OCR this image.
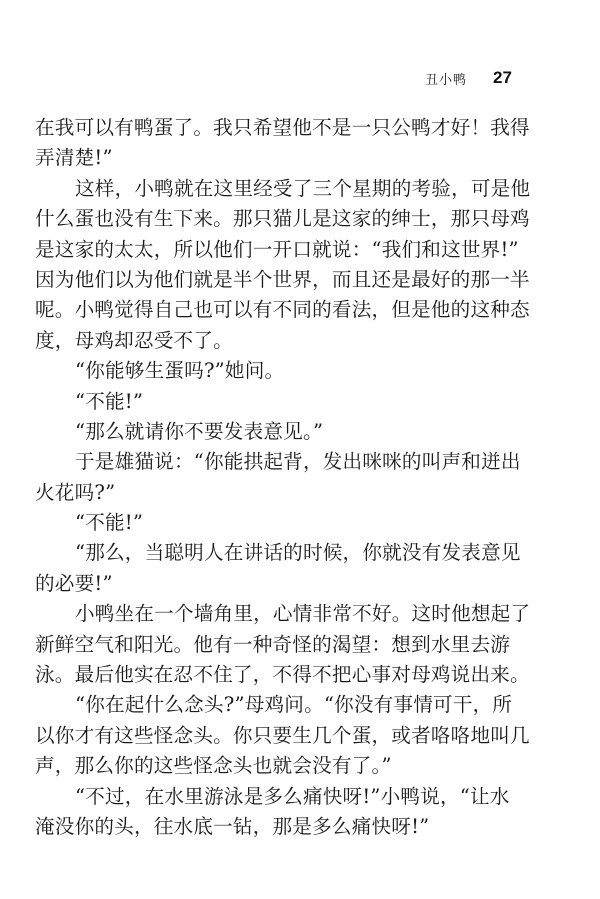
丑小鸭 27
在我可以有鸭蛋了。我只希望他不是一只公鸭才好！我得
弄清楚!”
这样，小鸭就在这里经受了三个星期的考验，可是他
什么蛋也没有生下来。那只猫儿是这家的绅士，那只母鸡
是这家的太太，所以他们一开口就说：“我们和这世界!”
因为他们以为他们就是半个世界，而且还是最好的那一半
呢。小鸭觉得自己也可以有不同的看法，但是他的这种态
度，母鸡却忍受不了。
“你能够生蛋吗?”她问。
“不能!”
“那么就请你不要发表意见。”
于是雄猫说：“你能拱起背，发出咪咪的叫声和迸出
火花吗?”
“不能!”
“那么，当聪明人在讲话的时候，你就没有发表意见
的必要!”
小鸭坐在一个墙角里，心情非常不好。这时他想起了
新鲜空气和阳光。他有一种奇怪的渴望：想到水里去游
泳。最后他实在忍不住了，不得不把心事对母鸡说出来。
“你在起什么念头?”母鸡问。“你没有事情可干，所
以你才有这些怪念头。你只要生几个蛋，或者咯咯地叫几
声，那么你的这些怪念头也就会没有了。”
“不过，在水里游泳是多么痛快呀!”小鸭说，“让水
淹没你的头，往水底一钻，那是多么痛快呀!”
